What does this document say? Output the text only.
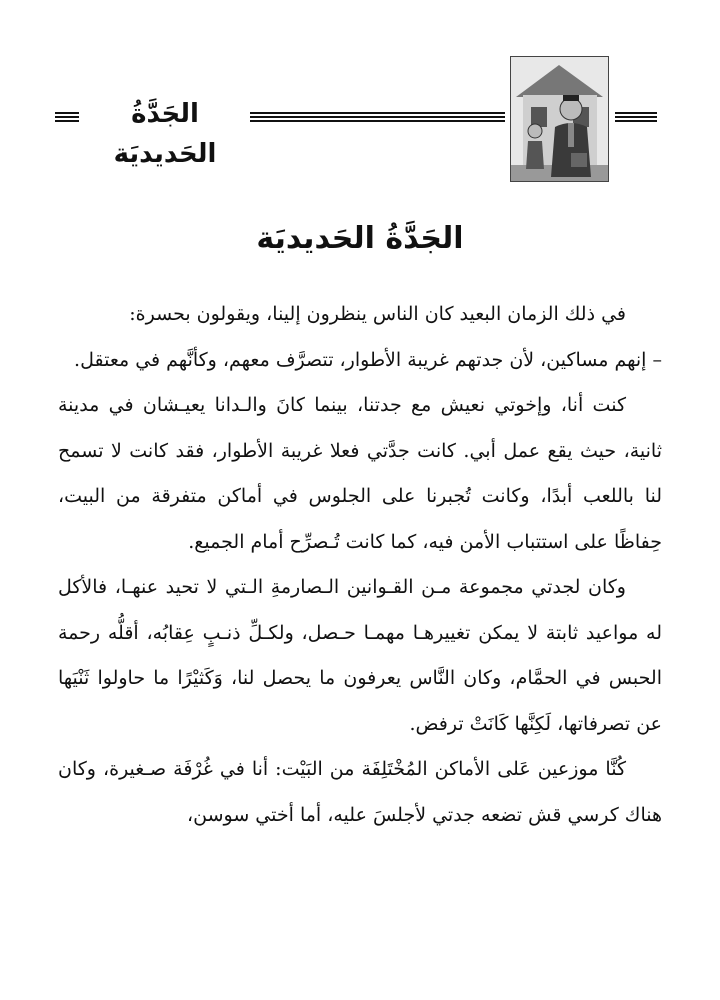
الجَدَّةُ الحَديديَة
الجَدَّةُ الحَديديَة

في ذلك الزمان البعيد كان الناس ينظرون إلينا، ويقولون بحسرة:

– إنهم مساكين، لأن جدتهم غريبة الأطوار، تتصرَّف معهم، وكأنَّهم في معتقل.

كنت أنا، وإخوتي نعيش مع جدتنا، بينما كانَ والـدانا يعيـشان في مدينة ثانية، حيث يقع عمل أبي. كانت جدَّتي فعلا غريبة الأطوار، فقد كانت لا تسمح لنا باللعب أبدًا، وكانت تُجبرنا على الجلوس في أماكن متفرقة من البيت، حِفاظًا على استتباب الأمن فيه، كما كانت تُـصرِّح أمام الجميع.

وكان لجدتي مجموعة مـن القـوانين الـصارمةِ الـتي لا تحيد عنهـا، فالأكل له مواعيد ثابتة لا يمكن تغييرهـا مهمـا حـصل، ولكـلِّ ذنـبٍ عِقابُه، أقلُّه رحمة الحبس في الحمَّام، وكان النَّاس يعرفون ما يحصل لنا، وَكَثيْرًا ما حاولوا ثَنْيَها عن تصرفاتها، لَكِنَّها كَانَتْ ترفض.

كُنَّا موزعين عَلى الأماكن المُخْتَلِفَة من البَيْت: أنا في غُرْفَة صـغيرة، وكان هناك كرسي قش تضعه جدتي لأجلسَ عليه، أما أختي سوسن،
